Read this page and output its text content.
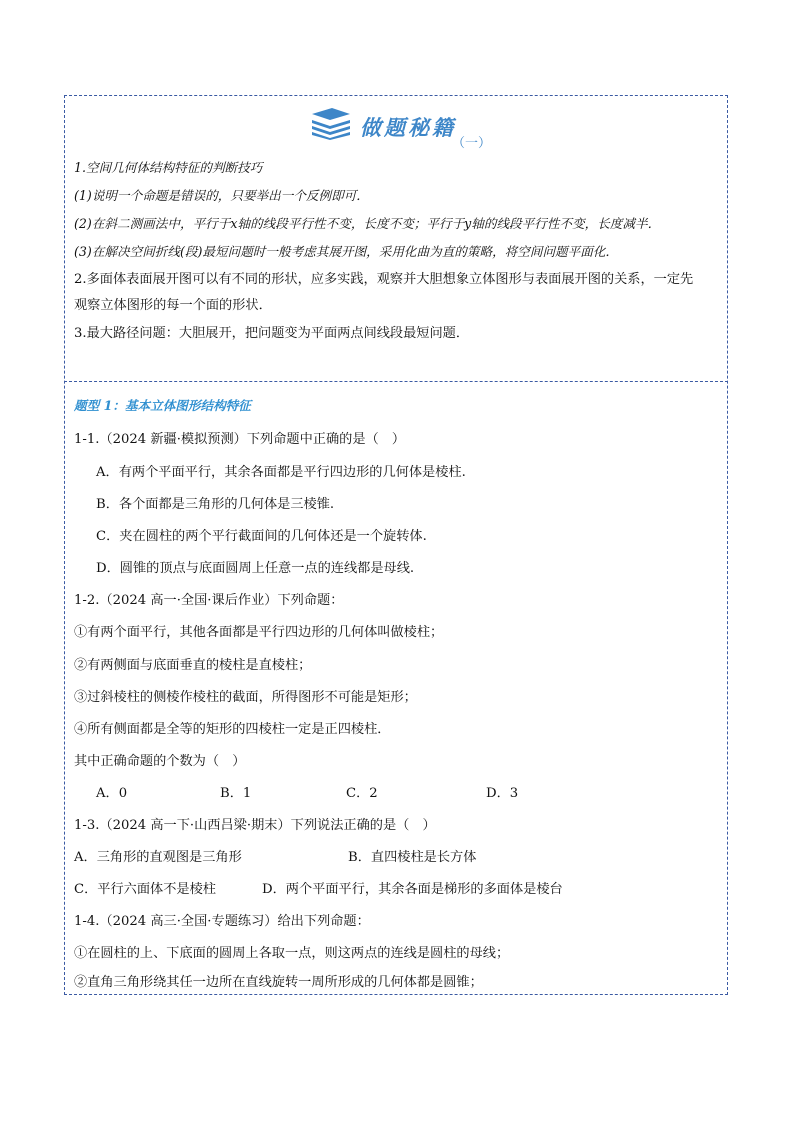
做题秘籍
（一）
1.空间几何体结构特征的判断技巧
(1)说明一个命题是错误的，只要举出一个反例即可．
(2)在斜二测画法中，平行于x轴的线段平行性不变，长度不变；平行于y轴的线段平行性不变，长度减半．
(3)在解决空间折线(段)最短问题时一般考虑其展开图，采用化曲为直的策略，将空间问题平面化．
2.多面体表面展开图可以有不同的形状，应多实践，观察并大胆想象立体图形与表面展开图的关系，一定先
观察立体图形的每一个面的形状．
3.最大路径问题：大胆展开，把问题变为平面两点间线段最短问题．
题型 1：基本立体图形结构特征
1-1.（2024 新疆·模拟预测）下列命题中正确的是（　）
A．有两个平面平行，其余各面都是平行四边形的几何体是棱柱.
B．各个面都是三角形的几何体是三棱锥.
C．夹在圆柱的两个平行截面间的几何体还是一个旋转体.
D．圆锥的顶点与底面圆周上任意一点的连线都是母线.
1-2.（2024 高一·全国·课后作业）下列命题：
①有两个面平行，其他各面都是平行四边形的几何体叫做棱柱；
②有两侧面与底面垂直的棱柱是直棱柱；
③过斜棱柱的侧棱作棱柱的截面，所得图形不可能是矩形；
④所有侧面都是全等的矩形的四棱柱一定是正四棱柱．
其中正确命题的个数为（　）
A．0	B．1	C．2	D．3
1-3.（2024 高一下·山西吕梁·期末）下列说法正确的是（　）
A．三角形的直观图是三角形	B．直四棱柱是长方体
C．平行六面体不是棱柱	D．两个平面平行，其余各面是梯形的多面体是棱台
1-4.（2024 高三·全国·专题练习）给出下列命题：
①在圆柱的上、下底面的圆周上各取一点，则这两点的连线是圆柱的母线；
②直角三角形绕其任一边所在直线旋转一周所形成的几何体都是圆锥；
